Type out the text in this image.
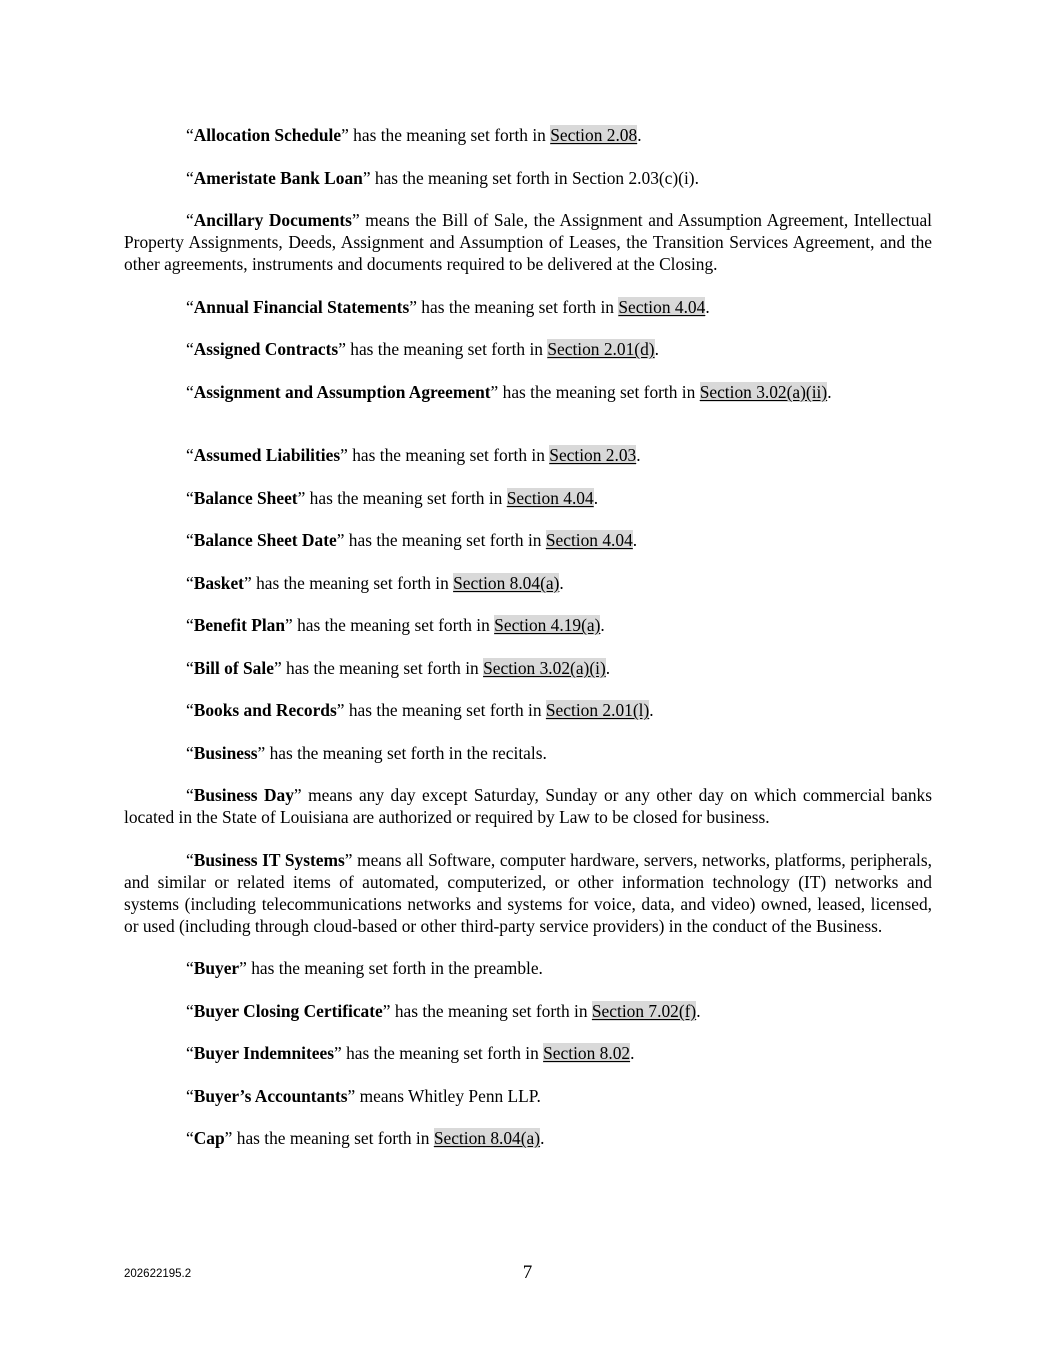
“Allocation Schedule” has the meaning set forth in Section 2.08.

“Ameristate Bank Loan” has the meaning set forth in Section 2.03(c)(i).

“Ancillary Documents” means the Bill of Sale, the Assignment and Assumption Agreement, Intellectual Property Assignments, Deeds, Assignment and Assumption of Leases, the Transition Services Agreement, and the other agreements, instruments and documents required to be delivered at the Closing.

“Annual Financial Statements” has the meaning set forth in Section 4.04.

“Assigned Contracts” has the meaning set forth in Section 2.01(d).

“Assignment and Assumption Agreement” has the meaning set forth in Section 3.02(a)(ii).

“Assumed Liabilities” has the meaning set forth in Section 2.03.

“Balance Sheet” has the meaning set forth in Section 4.04.

“Balance Sheet Date” has the meaning set forth in Section 4.04.

“Basket” has the meaning set forth in Section 8.04(a).

“Benefit Plan” has the meaning set forth in Section 4.19(a).

“Bill of Sale” has the meaning set forth in Section 3.02(a)(i).

“Books and Records” has the meaning set forth in Section 2.01(l).

“Business” has the meaning set forth in the recitals.

“Business Day” means any day except Saturday, Sunday or any other day on which commercial banks located in the State of Louisiana are authorized or required by Law to be closed for business.

“Business IT Systems” means all Software, computer hardware, servers, networks, platforms, peripherals, and similar or related items of automated, computerized, or other information technology (IT) networks and systems (including telecommunications networks and systems for voice, data, and video) owned, leased, licensed, or used (including through cloud-based or other third-party service providers) in the conduct of the Business.

“Buyer” has the meaning set forth in the preamble.

“Buyer Closing Certificate” has the meaning set forth in Section 7.02(f).

“Buyer Indemnitees” has the meaning set forth in Section 8.02.

“Buyer’s Accountants” means Whitley Penn LLP.

“Cap” has the meaning set forth in Section 8.04(a).

202622195.2	7
